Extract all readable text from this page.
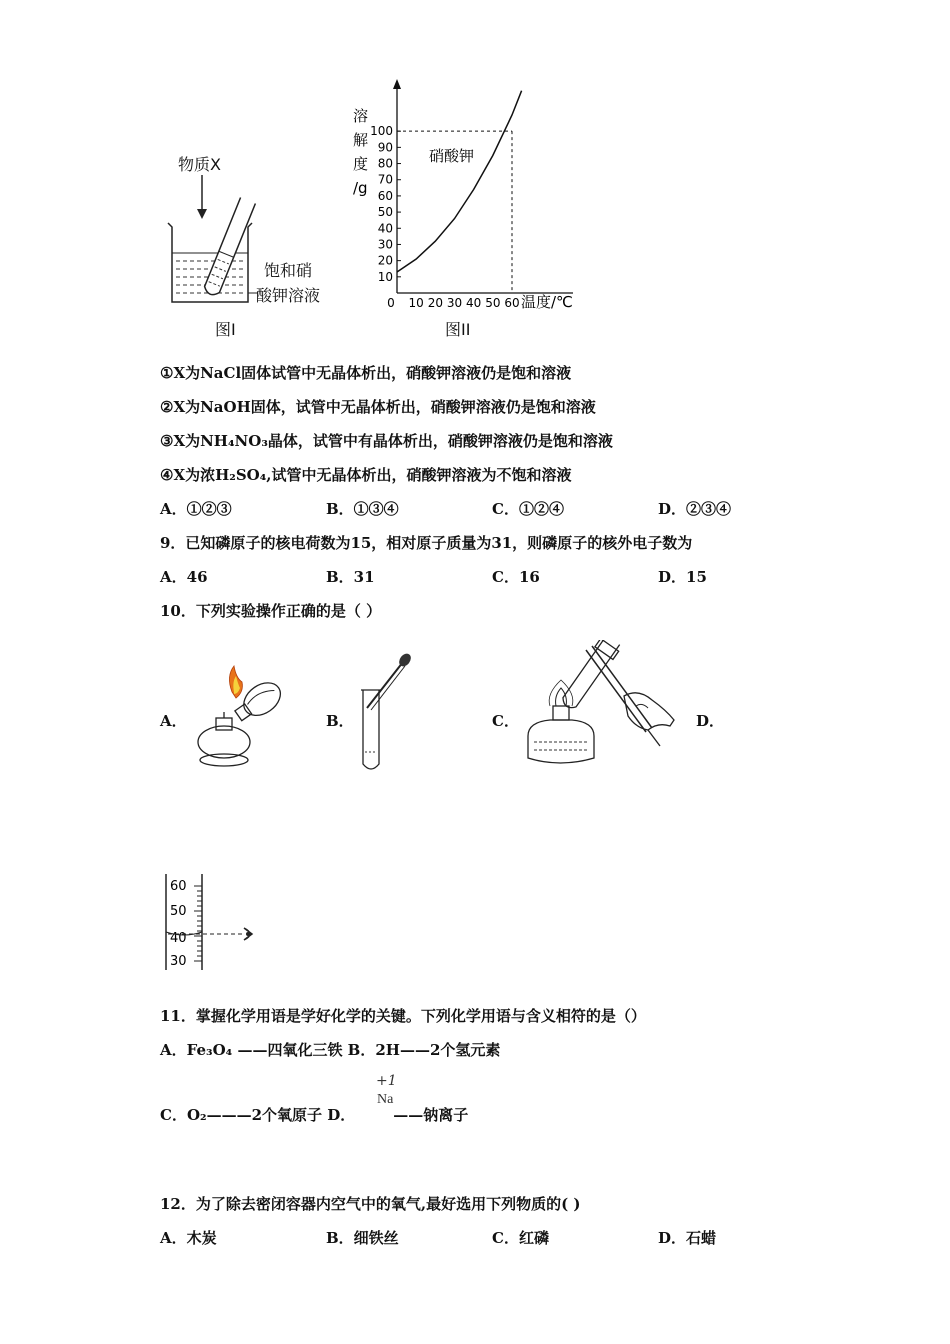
物质X
饱和硝
酸钾溶液
图I
10
20
30
40
50
60
70
80
90
100
0 10 20 30 40 50 60
硝酸钾
溶
解
度
/g
温度/℃
图II
①X为NaCl固体试管中无晶体析出，硝酸钾溶液仍是饱和溶液
②X为NaOH固体，试管中无晶体析出，硝酸钾溶液仍是饱和溶液
③X为NH₄NO₃晶体，试管中有晶体析出，硝酸钾溶液仍是饱和溶液
④X为浓H₂SO₄,试管中无晶体析出，硝酸钾溶液为不饱和溶液
A．①②③	B．①③④	C．①②④	D．②③④
9．已知磷原子的核电荷数为15，相对原子质量为31，则磷原子的核外电子数为
A．46	B．31	C．16	D．15
10．下列实验操作正确的是（ ）
A．	B．	C．	D．
60
50
40
30
11．掌握化学用语是学好化学的关键。下列化学用语与含义相符的是（）
A．Fe₃O₄ ——四氧化三铁 B．2H——2个氢元素
+1
Na
C．O₂———2个氧原子 D．	——钠离子
12．为了除去密闭容器内空气中的氧气,最好选用下列物质的( )
A．木炭	B．细铁丝	C．红磷	D．石蜡
